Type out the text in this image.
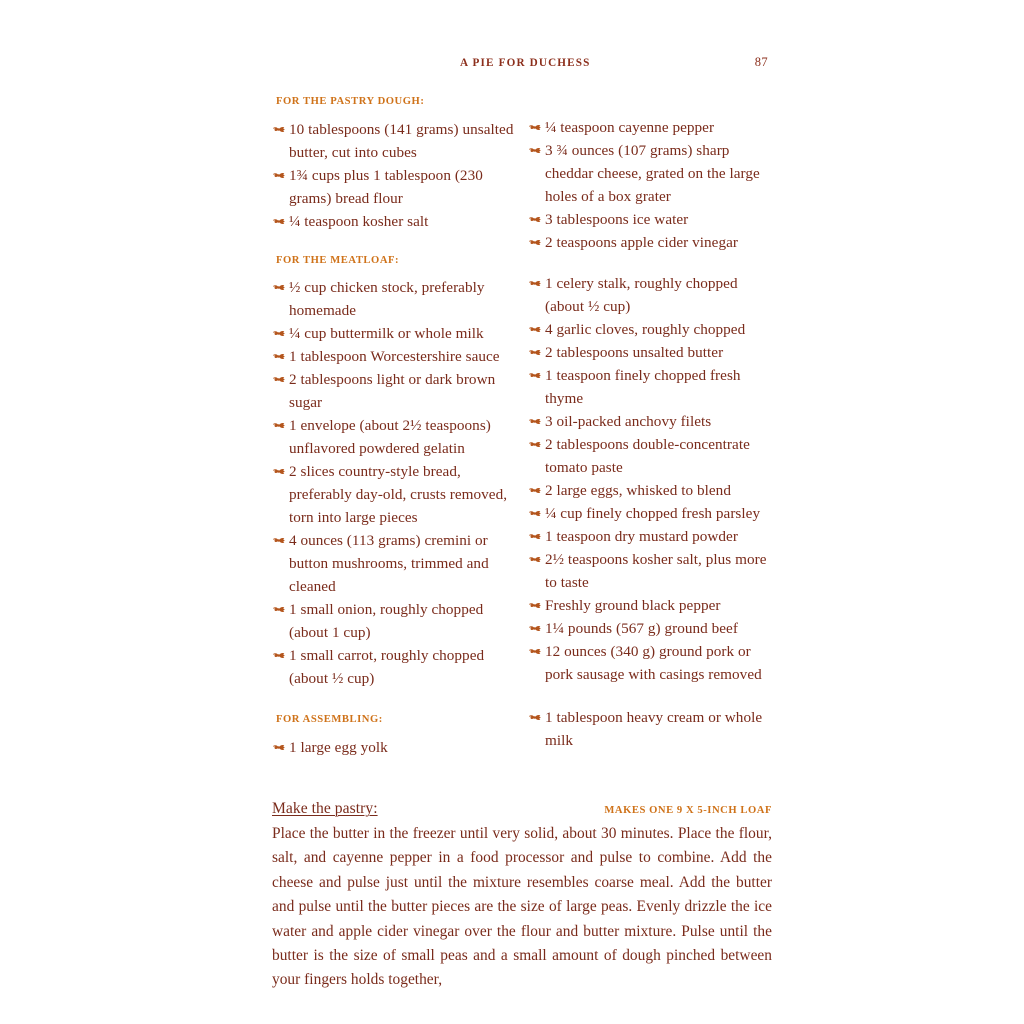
A PIE FOR DUCHESS	87
FOR THE PASTRY DOUGH:
10 tablespoons (141 grams) unsalted butter, cut into cubes
1¾ cups plus 1 tablespoon (230 grams) bread flour
¼ teaspoon kosher salt
FOR THE MEATLOAF:
½ cup chicken stock, preferably homemade
¼ cup buttermilk or whole milk
1 tablespoon Worcestershire sauce
2 tablespoons light or dark brown sugar
1 envelope (about 2½ teaspoons) unflavored powdered gelatin
2 slices country-style bread, preferably day-old, crusts removed, torn into large pieces
4 ounces (113 grams) cremini or button mushrooms, trimmed and cleaned
1 small onion, roughly chopped (about 1 cup)
1 small carrot, roughly chopped (about ½ cup)
FOR ASSEMBLING:
1 large egg yolk
¼ teaspoon cayenne pepper
3 ¾ ounces (107 grams) sharp cheddar cheese, grated on the large holes of a box grater
3 tablespoons ice water
2 teaspoons apple cider vinegar
1 celery stalk, roughly chopped (about ½ cup)
4 garlic cloves, roughly chopped
2 tablespoons unsalted butter
1 teaspoon finely chopped fresh thyme
3 oil-packed anchovy filets
2 tablespoons double-concentrate tomato paste
2 large eggs, whisked to blend
¼ cup finely chopped fresh parsley
1 teaspoon dry mustard powder
2½ teaspoons kosher salt, plus more to taste
Freshly ground black pepper
1¼ pounds (567 g) ground beef
12 ounces (340 g) ground pork or pork sausage with casings removed
1 tablespoon heavy cream or whole milk
Make the pastry:	MAKES ONE 9 X 5-INCH LOAF

Place the butter in the freezer until very solid, about 30 minutes. Place the flour, salt, and cayenne pepper in a food processor and pulse to combine. Add the cheese and pulse just until the mixture resembles coarse meal. Add the butter and pulse until the butter pieces are the size of large peas. Evenly drizzle the ice water and apple cider vinegar over the flour and butter mixture. Pulse until the butter is the size of small peas and a small amount of dough pinched between your fingers holds together,
